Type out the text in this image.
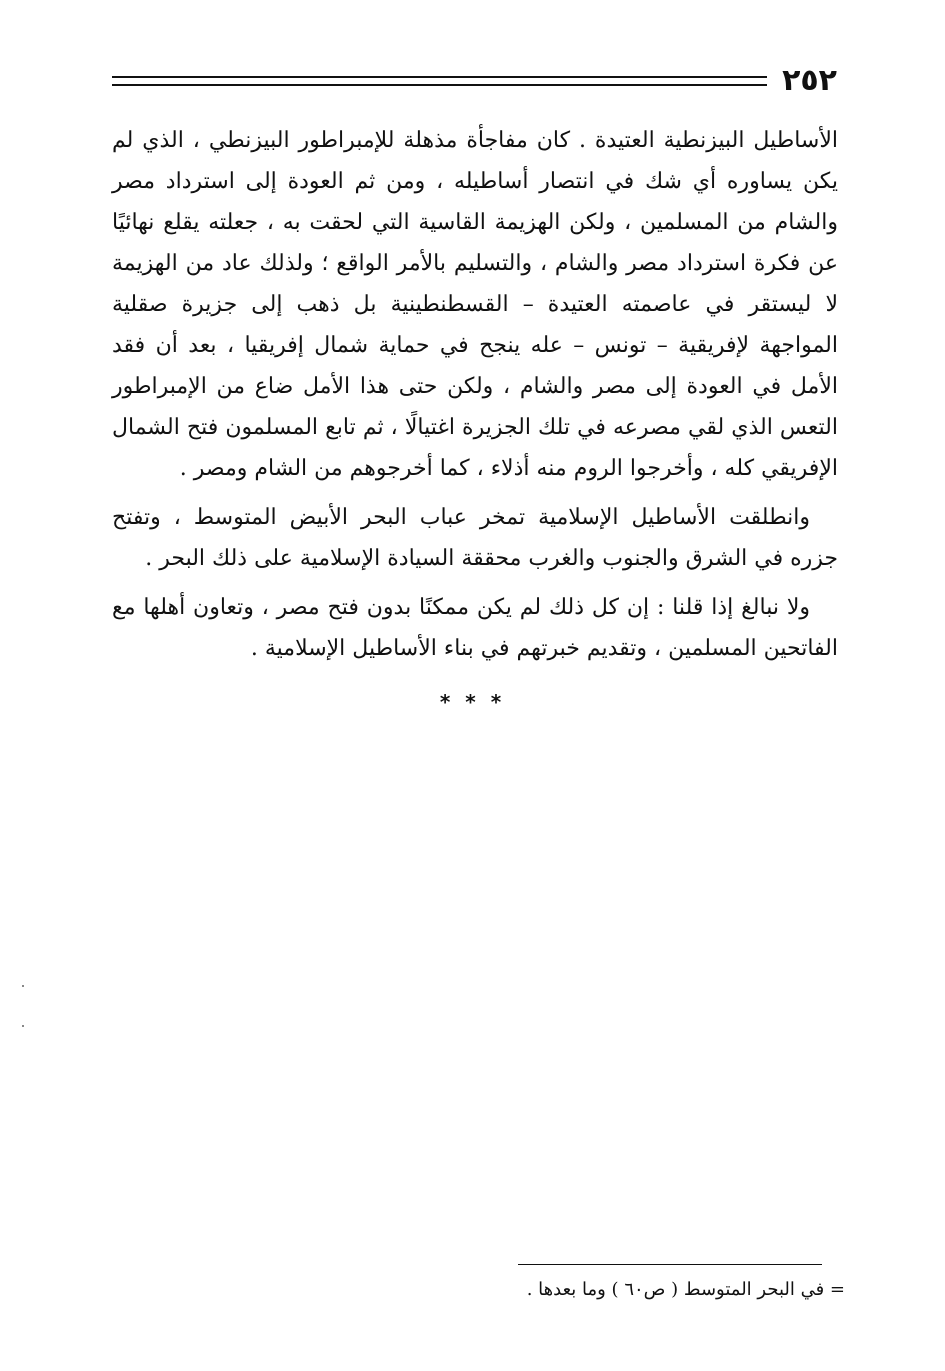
٢٥٢

الأساطيل البيزنطية العتيدة . كان مفاجأة مذهلة للإمبراطور البيزنطي ، الذي لم يكن يساوره أي شك في انتصار أساطيله ، ومن ثم العودة إلى استرداد مصر والشام من المسلمين ، ولكن الهزيمة القاسية التي لحقت به ، جعلته يقلع نهائيًا عن فكرة استرداد مصر والشام ، والتسليم بالأمر الواقع ؛ ولذلك عاد من الهزيمة لا ليستقر في عاصمته العتيدة – القسطنطينية بل ذهب إلى جزيرة صقلية المواجهة لإفريقية – تونس – عله ينجح في حماية شمال إفريقيا ، بعد أن فقد الأمل في العودة إلى مصر والشام ، ولكن حتى هذا الأمل ضاع من الإمبراطور التعس الذي لقي مصرعه في تلك الجزيرة اغتيالًا ، ثم تابع المسلمون فتح الشمال الإفريقي كله ، وأخرجوا الروم منه أذلاء ، كما أخرجوهم من الشام ومصر .

وانطلقت الأساطيل الإسلامية تمخر عباب البحر الأبيض المتوسط ، وتفتح جزره في الشرق والجنوب والغرب محققة السيادة الإسلامية على ذلك البحر .

ولا نبالغ إذا قلنا : إن كل ذلك لم يكن ممكنًا بدون فتح مصر ، وتعاون أهلها مع الفاتحين المسلمين ، وتقديم خبرتهم في بناء الأساطيل الإسلامية .

* * *
= في البحر المتوسط ( ص٦٠ ) وما بعدها .
